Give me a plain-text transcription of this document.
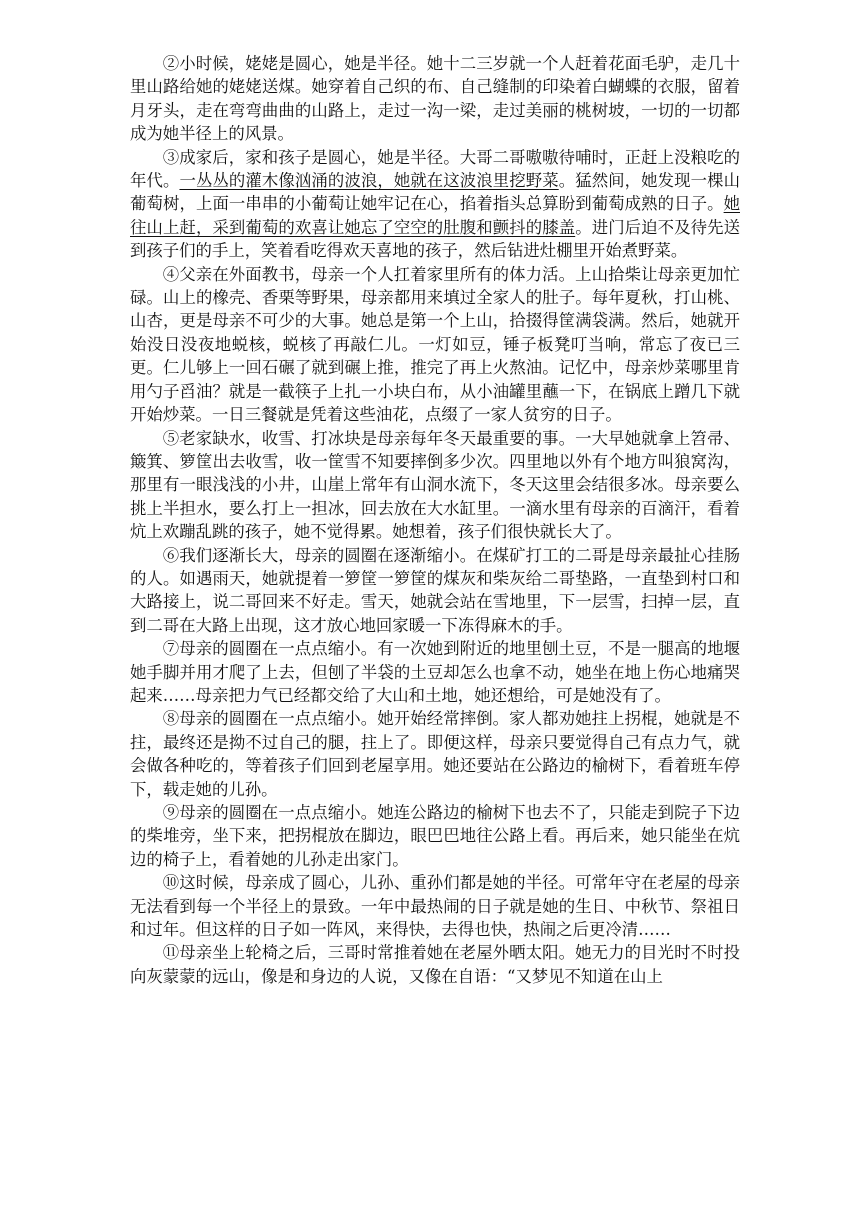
②小时候，姥姥是圆心，她是半径。她十二三岁就一个人赶着花面毛驴，走几十里山路给她的姥姥送煤。她穿着自己织的布、自己缝制的印染着白蝴蝶的衣服，留着月牙头，走在弯弯曲曲的山路上，走过一沟一梁，走过美丽的桃树坡，一切的一切都成为她半径上的风景。

③成家后，家和孩子是圆心，她是半径。大哥二哥嗷嗷待哺时，正赶上没粮吃的年代。一丛丛的灌木像汹涌的波浪，她就在这波浪里挖野菜。猛然间，她发现一棵山葡萄树，上面一串串的小葡萄让她牢记在心，掐着指头总算盼到葡萄成熟的日子。她往山上赶，采到葡萄的欢喜让她忘了空空的肚腹和颤抖的膝盖。进门后迫不及待先送到孩子们的手上，笑着看吃得欢天喜地的孩子，然后钻进灶棚里开始煮野菜。

④父亲在外面教书，母亲一个人扛着家里所有的体力活。上山拾柴让母亲更加忙碌。山上的橡壳、香栗等野果，母亲都用来填过全家人的肚子。每年夏秋，打山桃、山杏，更是母亲不可少的大事。她总是第一个上山，拾掇得筐满袋满。然后，她就开始没日没夜地蜕核，蜕核了再敲仁儿。一灯如豆，锤子板凳叮当响，常忘了夜已三更。仁儿够上一回石碾了就到碾上推，推完了再上火熬油。记忆中，母亲炒菜哪里肯用勺子舀油？就是一截筷子上扎一小块白布，从小油罐里蘸一下，在锅底上蹭几下就开始炒菜。一日三餐就是凭着这些油花，点缀了一家人贫穷的日子。

⑤老家缺水，收雪、打冰块是母亲每年冬天最重要的事。一大早她就拿上笤帚、簸箕、箩筐出去收雪，收一筐雪不知要摔倒多少次。四里地以外有个地方叫狼窝沟，那里有一眼浅浅的小井，山崖上常年有山洞水流下，冬天这里会结很多冰。母亲要么挑上半担水，要么打上一担冰，回去放在大水缸里。一滴水里有母亲的百滴汗，看着炕上欢蹦乱跳的孩子，她不觉得累。她想着，孩子们很快就长大了。

⑥我们逐渐长大，母亲的圆圈在逐渐缩小。在煤矿打工的二哥是母亲最扯心挂肠的人。如遇雨天，她就提着一箩筐一箩筐的煤灰和柴灰给二哥垫路，一直垫到村口和大路接上，说二哥回来不好走。雪天，她就会站在雪地里，下一层雪，扫掉一层，直到二哥在大路上出现，这才放心地回家暖一下冻得麻木的手。

⑦母亲的圆圈在一点点缩小。有一次她到附近的地里刨土豆，不是一腿高的地堰她手脚并用才爬了上去，但刨了半袋的土豆却怎么也拿不动，她坐在地上伤心地痛哭起来……母亲把力气已经都交给了大山和土地，她还想给，可是她没有了。

⑧母亲的圆圈在一点点缩小。她开始经常摔倒。家人都劝她拄上拐棍，她就是不拄，最终还是拗不过自己的腿，拄上了。即便这样，母亲只要觉得自己有点力气，就会做各种吃的，等着孩子们回到老屋享用。她还要站在公路边的榆树下，看着班车停下，载走她的儿孙。

⑨母亲的圆圈在一点点缩小。她连公路边的榆树下也去不了，只能走到院子下边的柴堆旁，坐下来，把拐棍放在脚边，眼巴巴地往公路上看。再后来，她只能坐在炕边的椅子上，看着她的儿孙走出家门。

⑩这时候，母亲成了圆心，儿孙、重孙们都是她的半径。可常年守在老屋的母亲无法看到每一个半径上的景致。一年中最热闹的日子就是她的生日、中秋节、祭祖日和过年。但这样的日子如一阵风，来得快，去得也快，热闹之后更冷清……

⑪母亲坐上轮椅之后，三哥时常推着她在老屋外晒太阳。她无力的目光时不时投向灰蒙蒙的远山，像是和身边的人说，又像在自语：“又梦见不知道在山上
